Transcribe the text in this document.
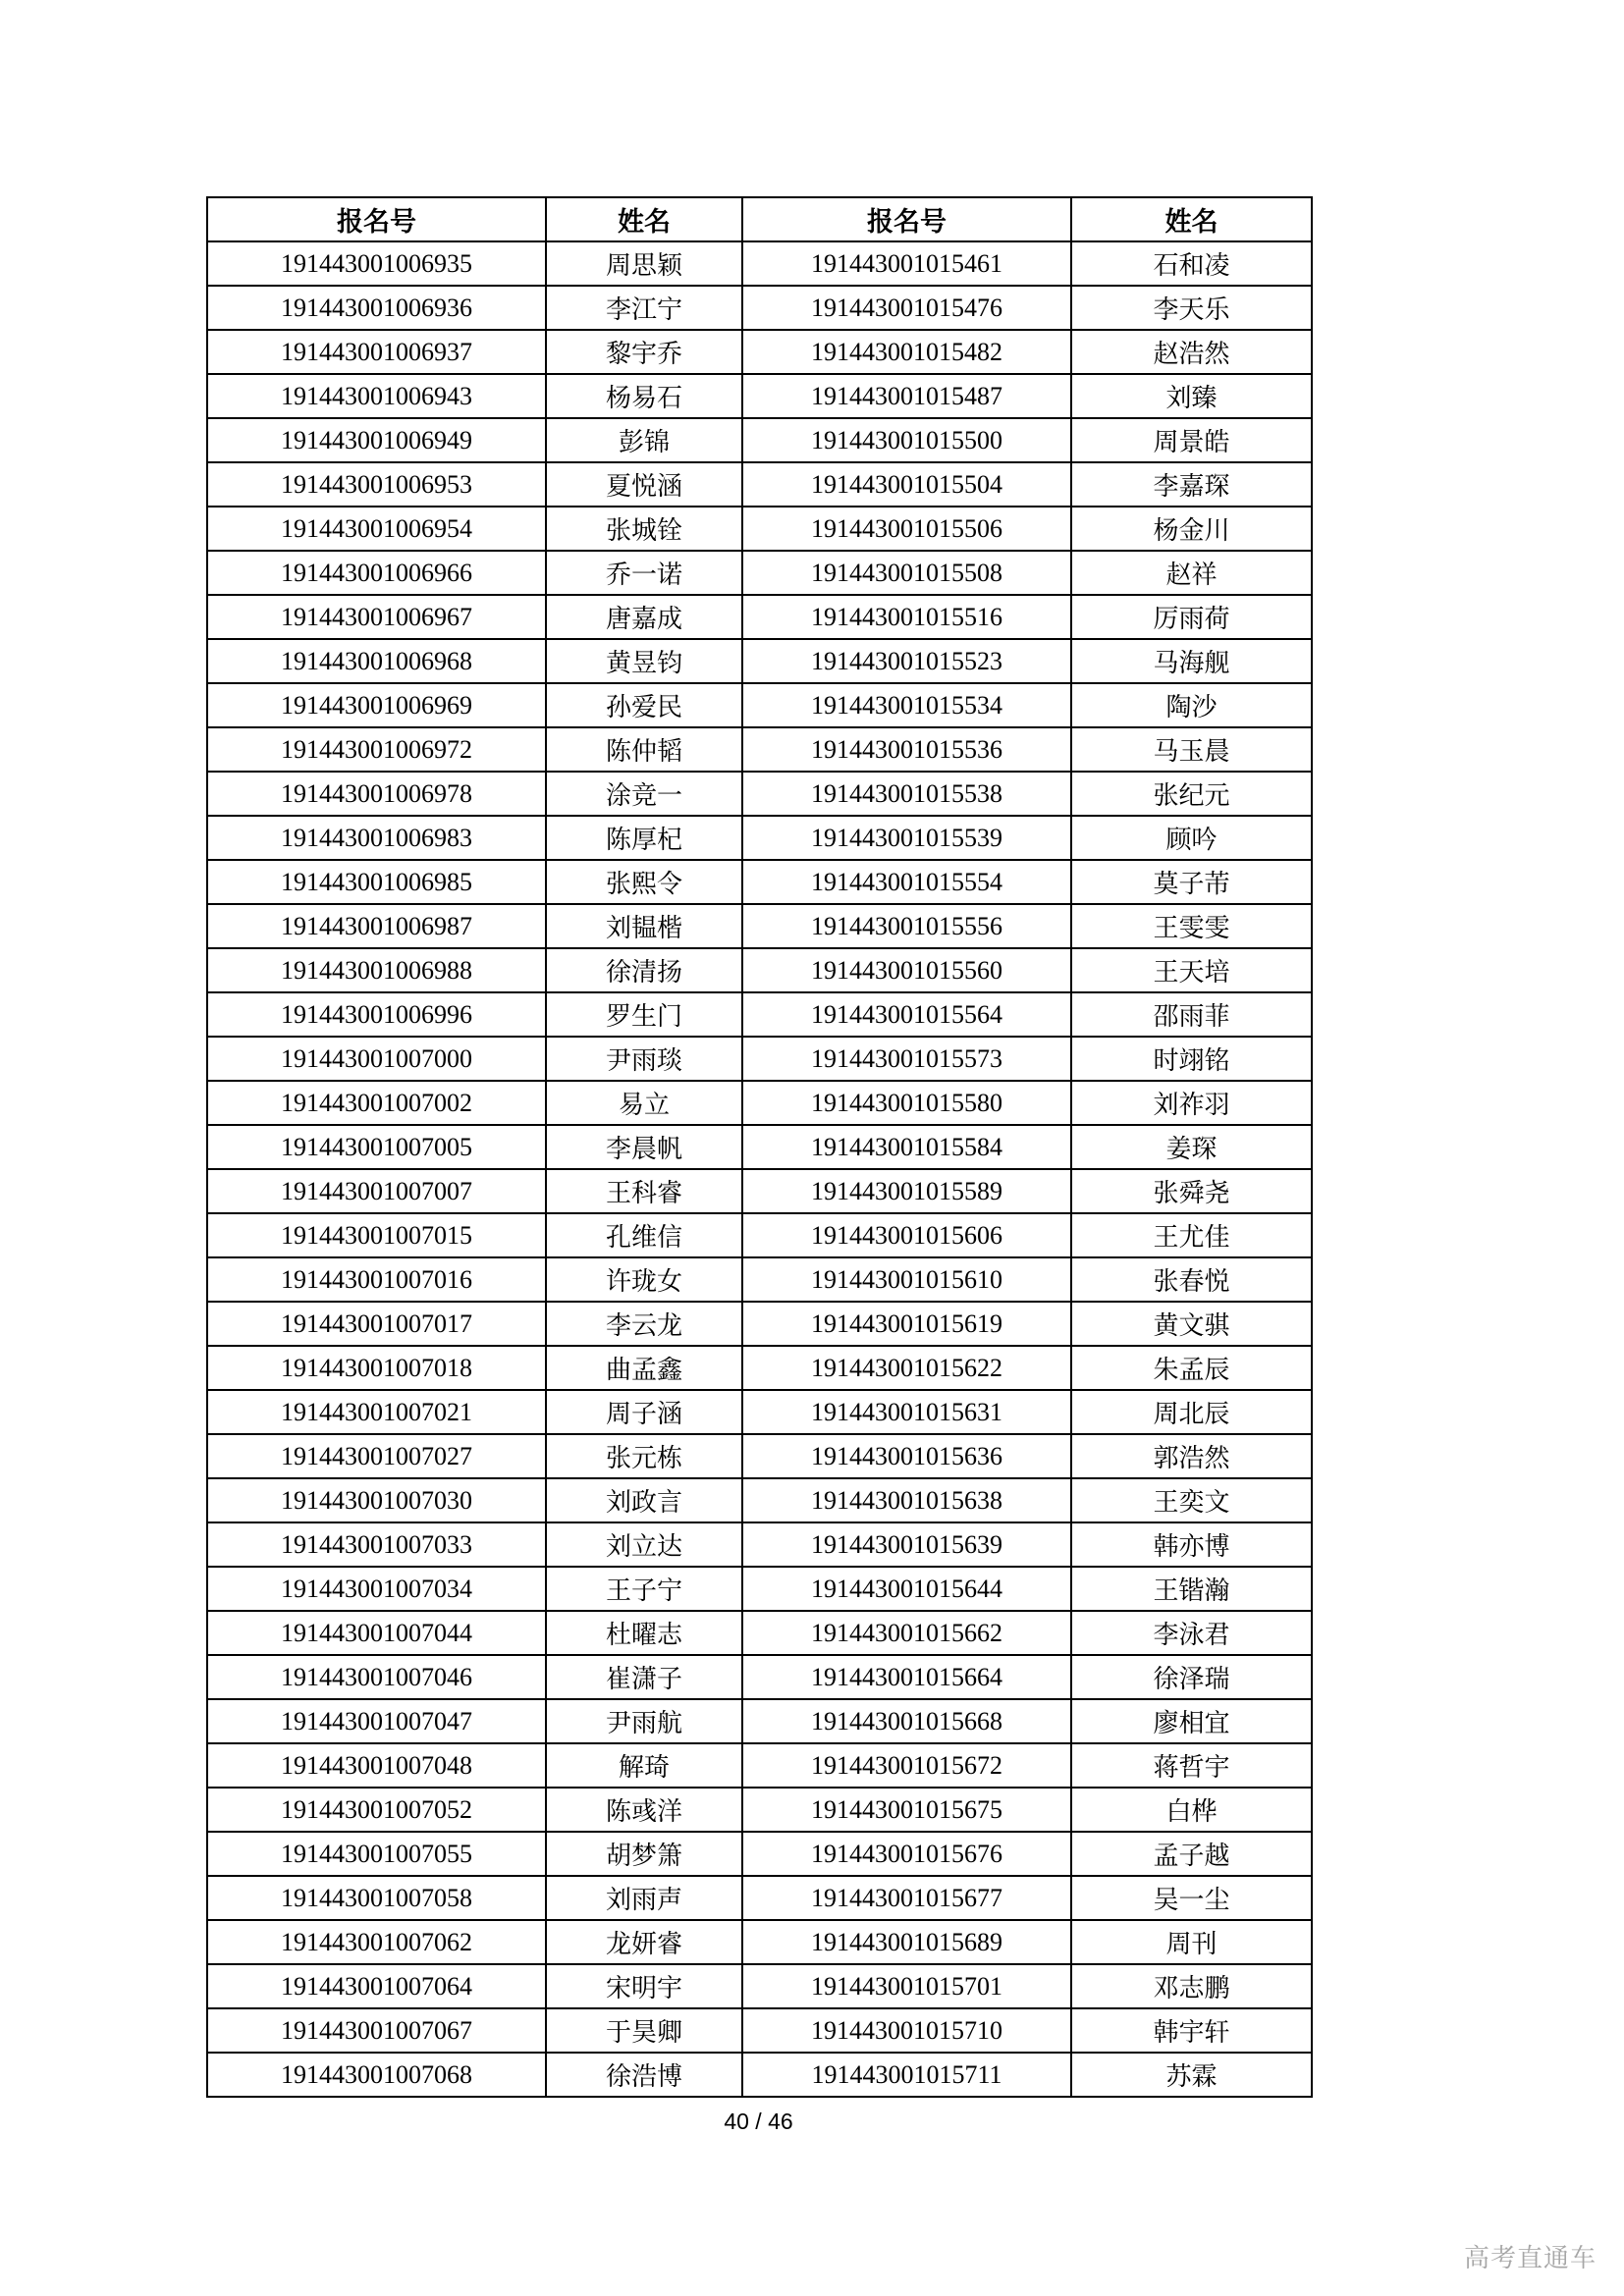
报名号	姓名	报名号	姓名
191443001006935	周思颖	191443001015461	石和凌
191443001006936	李江宁	191443001015476	李天乐
191443001006937	黎宇乔	191443001015482	赵浩然
191443001006943	杨易石	191443001015487	刘臻
191443001006949	彭锦	191443001015500	周景皓
191443001006953	夏悦涵	191443001015504	李嘉琛
191443001006954	张城铨	191443001015506	杨金川
191443001006966	乔一诺	191443001015508	赵祥
191443001006967	唐嘉成	191443001015516	厉雨荷
191443001006968	黄昱钧	191443001015523	马海舰
191443001006969	孙爱民	191443001015534	陶沙
191443001006972	陈仲韬	191443001015536	马玉晨
191443001006978	涂竞一	191443001015538	张纪元
191443001006983	陈厚杞	191443001015539	顾吟
191443001006985	张熙令	191443001015554	莫子芾
191443001006987	刘韫楷	191443001015556	王雯雯
191443001006988	徐清扬	191443001015560	王天培
191443001006996	罗生门	191443001015564	邵雨菲
191443001007000	尹雨琰	191443001015573	时翊铭
191443001007002	易立	191443001015580	刘祚羽
191443001007005	李晨帆	191443001015584	姜琛
191443001007007	王科睿	191443001015589	张舜尧
191443001007015	孔维信	191443001015606	王尤佳
191443001007016	许珑女	191443001015610	张春悦
191443001007017	李云龙	191443001015619	黄文骐
191443001007018	曲孟鑫	191443001015622	朱孟辰
191443001007021	周子涵	191443001015631	周北辰
191443001007027	张元栋	191443001015636	郭浩然
191443001007030	刘政言	191443001015638	王奕文
191443001007033	刘立达	191443001015639	韩亦博
191443001007034	王子宁	191443001015644	王锴瀚
191443001007044	杜曜志	191443001015662	李泳君
191443001007046	崔潇子	191443001015664	徐泽瑞
191443001007047	尹雨航	191443001015668	廖相宜
191443001007048	解琦	191443001015672	蒋哲宇
191443001007052	陈彧洋	191443001015675	白桦
191443001007055	胡梦箫	191443001015676	孟子越
191443001007058	刘雨声	191443001015677	吴一尘
191443001007062	龙妍睿	191443001015689	周刊
191443001007064	宋明宇	191443001015701	邓志鹏
191443001007067	于昊卿	191443001015710	韩宇轩
191443001007068	徐浩博	191443001015711	苏霖
40 / 46
高考直通车
